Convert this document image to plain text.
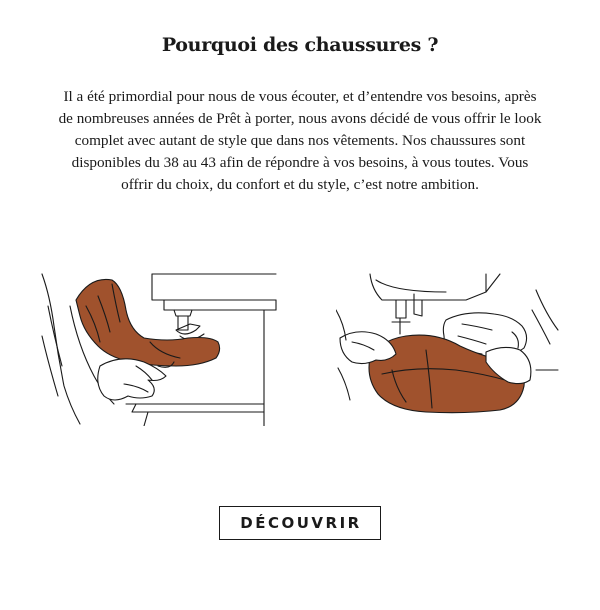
Pourquoi des chaussures ?

Il a été primordial pour nous de vous écouter, et d’entendre vos besoins, après
de nombreuses années de Prêt à porter, nous avons décidé de vous offrir le look
complet avec autant de style que dans nos vêtements. Nos chaussures sont
disponibles du 38 au 43 afin de répondre à vos besoins, à vous toutes. Vous
offrir du choix, du confort et du style, c’est notre ambition.

DÉCOUVRIR
